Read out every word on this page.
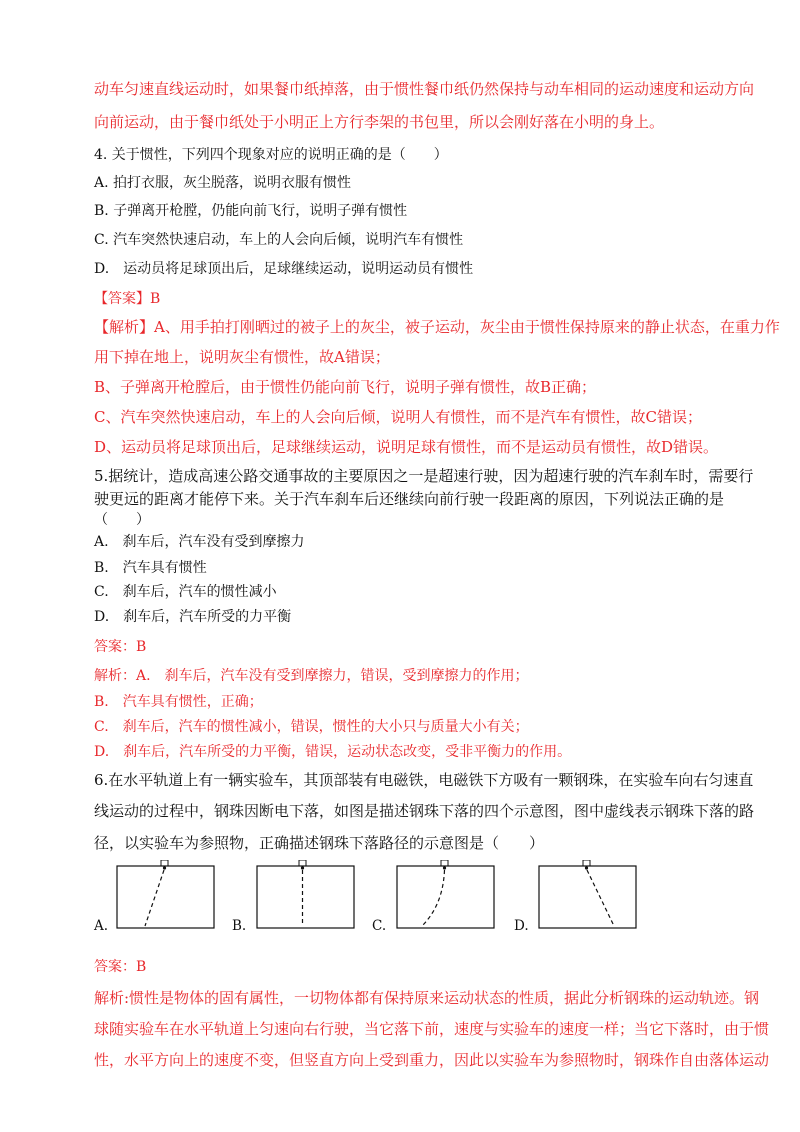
动车匀速直线运动时，如果餐巾纸掉落，由于惯性餐巾纸仍然保持与动车相同的运动速度和运动方向
向前运动，由于餐巾纸处于小明正上方行李架的书包里，所以会刚好落在小明的身上。
4. 关于惯性，下列四个现象对应的说明正确的是（　　）
A. 拍打衣服，灰尘脱落，说明衣服有惯性
B. 子弹离开枪膛，仍能向前飞行，说明子弹有惯性
C. 汽车突然快速启动，车上的人会向后倾，说明汽车有惯性
D.　运动员将足球顶出后，足球继续运动，说明运动员有惯性
【答案】B
【解析】A、用手拍打刚晒过的被子上的灰尘，被子运动，灰尘由于惯性保持原来的静止状态，在重力作
用下掉在地上，说明灰尘有惯性，故A错误；
B、子弹离开枪膛后，由于惯性仍能向前飞行，说明子弹有惯性，故B正确；
C、汽车突然快速启动，车上的人会向后倾，说明人有惯性，而不是汽车有惯性，故C错误；
D、运动员将足球顶出后，足球继续运动，说明足球有惯性，而不是运动员有惯性，故D错误。
5.据统计，造成高速公路交通事故的主要原因之一是超速行驶，因为超速行驶的汽车刹车时，需要行
驶更远的距离才能停下来。关于汽车刹车后还继续向前行驶一段距离的原因，下列说法正确的是
（　　）
A.　刹车后，汽车没有受到摩擦力
B.　汽车具有惯性
C.　刹车后，汽车的惯性减小
D.　刹车后，汽车所受的力平衡
答案：B
解析：A.　刹车后，汽车没有受到摩擦力，错误，受到摩擦力的作用；
B.　汽车具有惯性，正确；
C.　刹车后，汽车的惯性减小，错误，惯性的大小只与质量大小有关；
D.　刹车后，汽车所受的力平衡，错误，运动状态改变，受非平衡力的作用。
6.在水平轨道上有一辆实验车，其顶部装有电磁铁，电磁铁下方吸有一颗钢珠，在实验车向右匀速直
线运动的过程中，钢珠因断电下落，如图是描述钢珠下落的四个示意图，图中虚线表示钢珠下落的路
径，以实验车为参照物，正确描述钢珠下落路径的示意图是（　　）
A.	B.	C.	D.
答案：B
解析:惯性是物体的固有属性，一切物体都有保持原来运动状态的性质，据此分析钢珠的运动轨迹。钢
球随实验车在水平轨道上匀速向右行驶，当它落下前，速度与实验车的速度一样；当它下落时，由于惯
性，水平方向上的速度不变，但竖直方向上受到重力，因此以实验车为参照物时，钢珠作自由落体运动
